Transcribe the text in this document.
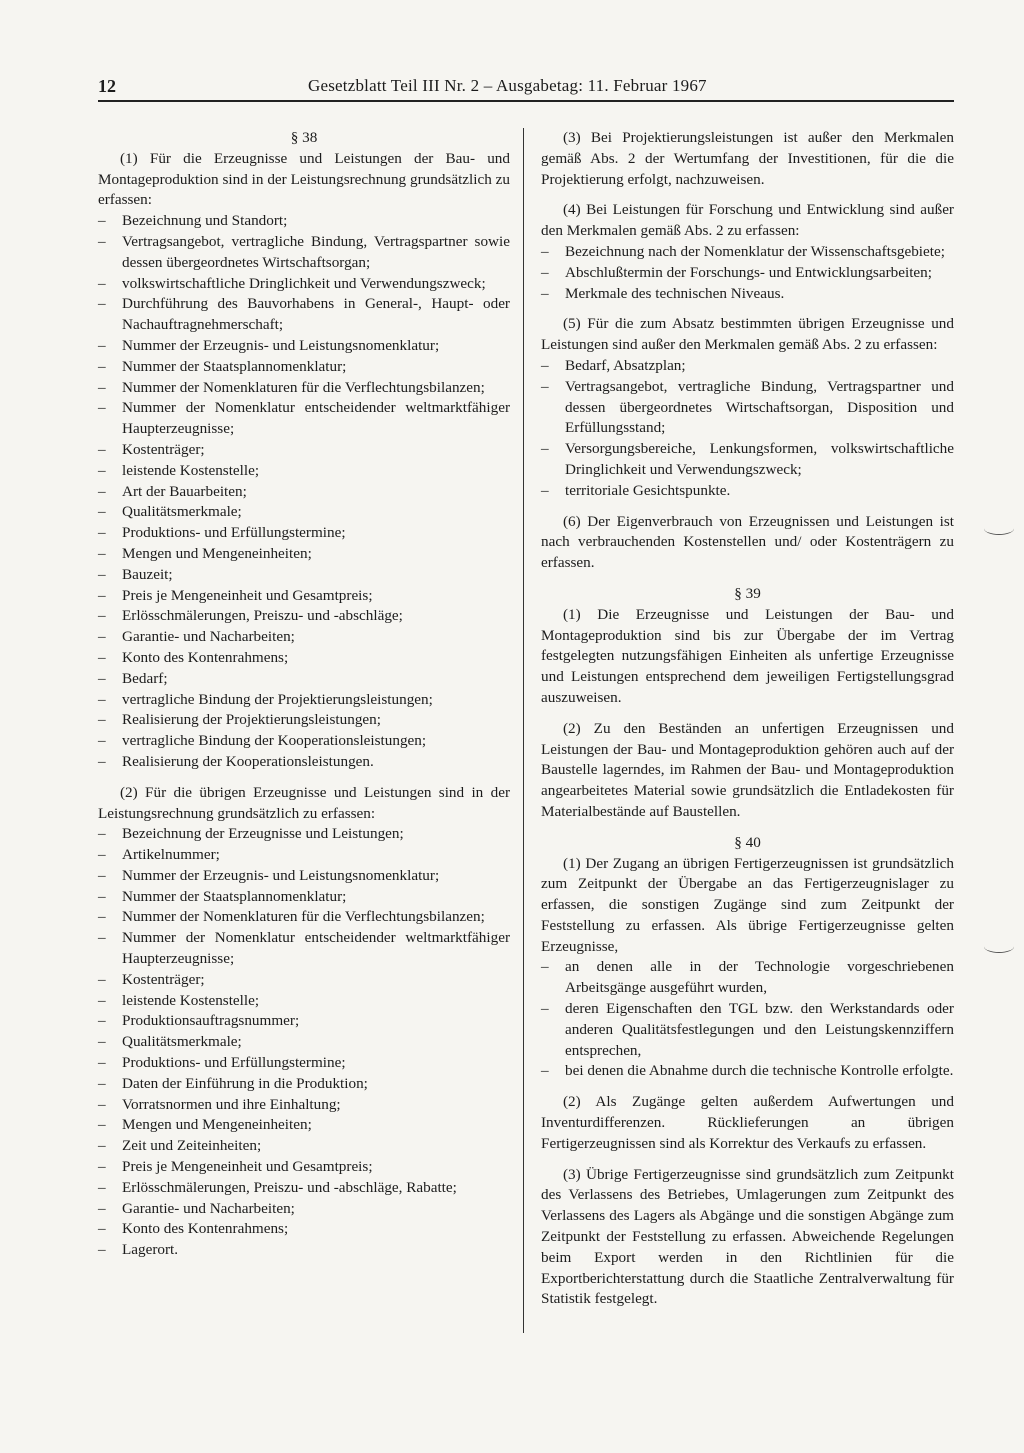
12	Gesetzblatt Teil III Nr. 2 – Ausgabetag: 11. Februar 1967

§ 38

(1) Für die Erzeugnisse und Leistungen der Bau- und Montageproduktion sind in der Leistungsrechnung grundsätzlich zu erfassen:

– Bezeichnung und Standort;
– Vertragsangebot, vertragliche Bindung, Vertragspartner sowie dessen übergeordnetes Wirtschaftsorgan;
– volkswirtschaftliche Dringlichkeit und Verwendungszweck;
– Durchführung des Bauvorhabens in General-, Haupt- oder Nachauftragnehmerschaft;
– Nummer der Erzeugnis- und Leistungsnomenklatur;
– Nummer der Staatsplannomenklatur;
– Nummer der Nomenklaturen für die Verflechtungsbilanzen;
– Nummer der Nomenklatur entscheidender weltmarktfähiger Haupterzeugnisse;
– Kostenträger;
– leistende Kostenstelle;
– Art der Bauarbeiten;
– Qualitätsmerkmale;
– Produktions- und Erfüllungstermine;
– Mengen und Mengeneinheiten;
– Bauzeit;
– Preis je Mengeneinheit und Gesamtpreis;
– Erlösschmälerungen, Preiszu- und -abschläge;
– Garantie- und Nacharbeiten;
– Konto des Kontenrahmens;
– Bedarf;
– vertragliche Bindung der Projektierungsleistungen;
– Realisierung der Projektierungsleistungen;
– vertragliche Bindung der Kooperationsleistungen;
– Realisierung der Kooperationsleistungen.

(2) Für die übrigen Erzeugnisse und Leistungen sind in der Leistungsrechnung grundsätzlich zu erfassen:

– Bezeichnung der Erzeugnisse und Leistungen;
– Artikelnummer;
– Nummer der Erzeugnis- und Leistungsnomenklatur;
– Nummer der Staatsplannomenklatur;
– Nummer der Nomenklaturen für die Verflechtungsbilanzen;
– Nummer der Nomenklatur entscheidender weltmarktfähiger Haupterzeugnisse;
– Kostenträger;
– leistende Kostenstelle;
– Produktionsauftragsnummer;
– Qualitätsmerkmale;
– Produktions- und Erfüllungstermine;
– Daten der Einführung in die Produktion;
– Vorratsnormen und ihre Einhaltung;
– Mengen und Mengeneinheiten;
– Zeit und Zeiteinheiten;
– Preis je Mengeneinheit und Gesamtpreis;
– Erlösschmälerungen, Preiszu- und -abschläge, Rabatte;
– Garantie- und Nacharbeiten;
– Konto des Kontenrahmens;
– Lagerort.

(3) Bei Projektierungsleistungen ist außer den Merkmalen gemäß Abs. 2 der Wertumfang der Investitionen, für die die Projektierung erfolgt, nachzuweisen.

(4) Bei Leistungen für Forschung und Entwicklung sind außer den Merkmalen gemäß Abs. 2 zu erfassen:

– Bezeichnung nach der Nomenklatur der Wissenschaftsgebiete;
– Abschlußtermin der Forschungs- und Entwicklungsarbeiten;
– Merkmale des technischen Niveaus.

(5) Für die zum Absatz bestimmten übrigen Erzeugnisse und Leistungen sind außer den Merkmalen gemäß Abs. 2 zu erfassen:

– Bedarf, Absatzplan;
– Vertragsangebot, vertragliche Bindung, Vertragspartner und dessen übergeordnetes Wirtschaftsorgan, Disposition und Erfüllungsstand;
– Versorgungsbereiche, Lenkungsformen, volkswirtschaftliche Dringlichkeit und Verwendungszweck;
– territoriale Gesichtspunkte.

(6) Der Eigenverbrauch von Erzeugnissen und Leistungen ist nach verbrauchenden Kostenstellen und/ oder Kostenträgern zu erfassen.

§ 39

(1) Die Erzeugnisse und Leistungen der Bau- und Montageproduktion sind bis zur Übergabe der im Vertrag festgelegten nutzungsfähigen Einheiten als unfertige Erzeugnisse und Leistungen entsprechend dem jeweiligen Fertigstellungsgrad auszuweisen.

(2) Zu den Beständen an unfertigen Erzeugnissen und Leistungen der Bau- und Montageproduktion gehören auch auf der Baustelle lagerndes, im Rahmen der Bau- und Montageproduktion angearbeitetes Material sowie grundsätzlich die Entladekosten für Materialbestände auf Baustellen.

§ 40

(1) Der Zugang an übrigen Fertigerzeugnissen ist grundsätzlich zum Zeitpunkt der Übergabe an das Fertigerzeugnislager zu erfassen, die sonstigen Zugänge sind zum Zeitpunkt der Feststellung zu erfassen. Als übrige Fertigerzeugnisse gelten Erzeugnisse,

– an denen alle in der Technologie vorgeschriebenen Arbeitsgänge ausgeführt wurden,
– deren Eigenschaften den TGL bzw. den Werkstandards oder anderen Qualitätsfestlegungen und den Leistungskennziffern entsprechen,
– bei denen die Abnahme durch die technische Kontrolle erfolgte.

(2) Als Zugänge gelten außerdem Aufwertungen und Inventurdifferenzen. Rücklieferungen an übrigen Fertigerzeugnissen sind als Korrektur des Verkaufs zu erfassen.

(3) Übrige Fertigerzeugnisse sind grundsätzlich zum Zeitpunkt des Verlassens des Betriebes, Umlagerungen zum Zeitpunkt des Verlassens des Lagers als Abgänge und die sonstigen Abgänge zum Zeitpunkt der Feststellung zu erfassen. Abweichende Regelungen beim Export werden in den Richtlinien für die Exportberichterstattung durch die Staatliche Zentralverwaltung für Statistik festgelegt.
